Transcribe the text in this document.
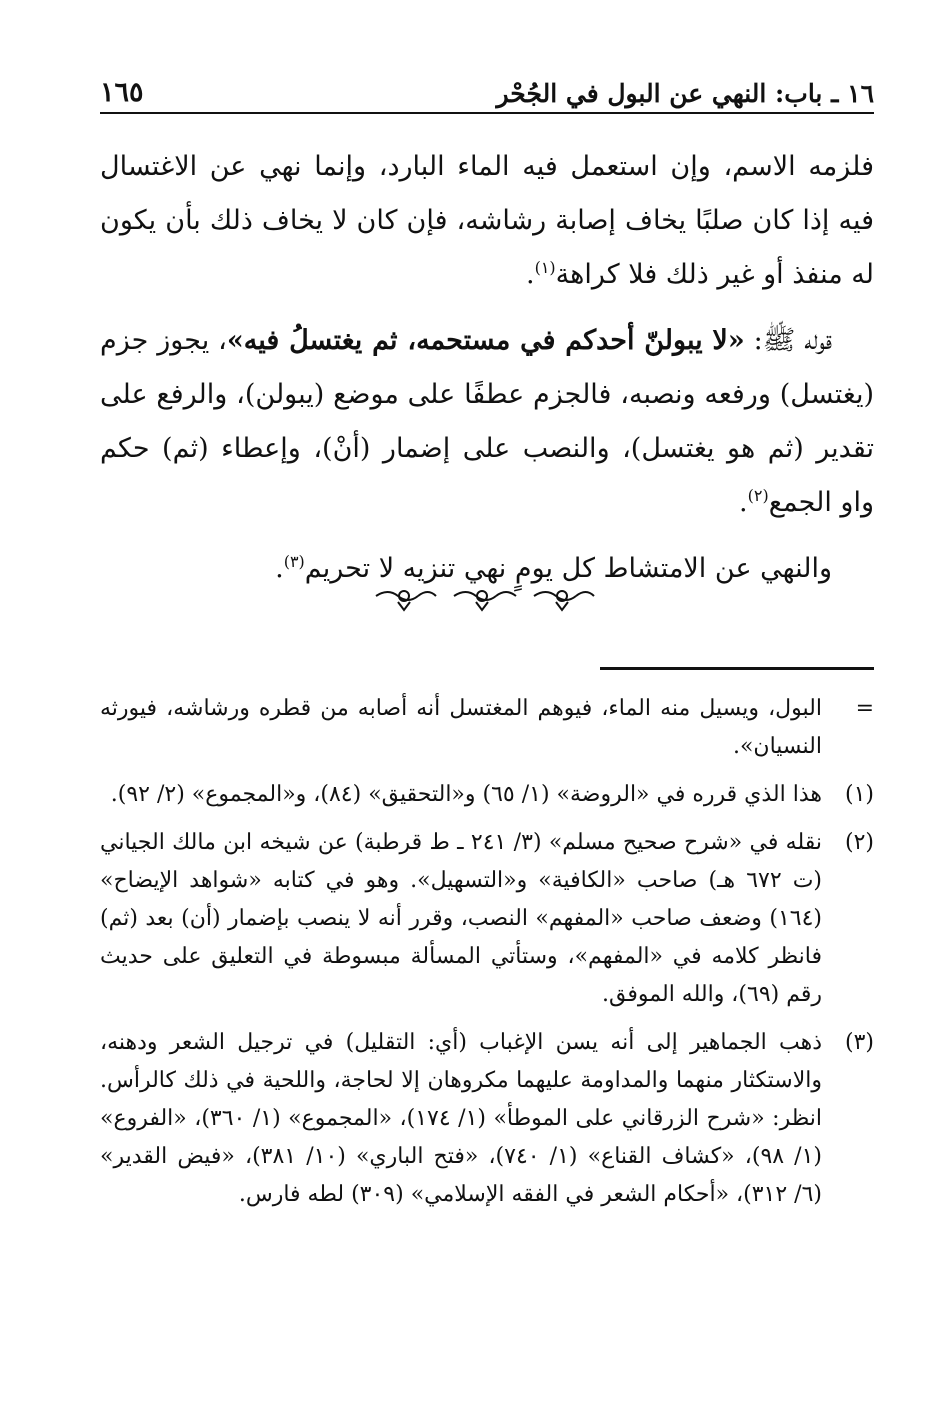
١٦ ـ باب: النهي عن البول في الجُحْر
١٦٥

فلزمه الاسم، وإن استعمل فيه الماء البارد، وإنما نهي عن الاغتسال فيه إذا كان صلبًا يخاف إصابة رشاشه، فإن كان لا يخاف ذلك بأن يكون له منفذ أو غير ذلك فلا كراهة$^{(١)}$.

قوله ﷺ: «لا يبولنّ أحدكم في مستحمه، ثم يغتسلُ فيه»، يجوز جزم (يغتسل) ورفعه ونصبه، فالجزم عطفًا على موضع (يبولن)، والرفع على تقدير (ثم هو يغتسل)، والنصب على إضمار (أنْ)، وإعطاء (ثم) حكم واو الجمع$^{(٢)}$.

والنهي عن الامتشاط كل يومٍ نهي تنزيه لا تحريم$^{(٣)}$.

=
البول، ويسيل منه الماء، فيوهم المغتسل أنه أصابه من قطره ورشاشه، فيورثه النسيان».
(١)
هذا الذي قرره في «الروضة» (١/ ٦٥) و«التحقيق» (٨٤)، و«المجموع» (٢/ ٩٢).
(٢)
نقله في «شرح صحيح مسلم» (٣/ ٢٤١ ـ ط قرطبة) عن شيخه ابن مالك الجياني (ت ٦٧٢ هـ) صاحب «الكافية» و«التسهيل». وهو في كتابه «شواهد الإيضاح» (١٦٤) وضعف صاحب «المفهم» النصب، وقرر أنه لا ينصب بإضمار (أن) بعد (ثم) فانظر كلامه في «المفهم»، وستأتي المسألة مبسوطة في التعليق على حديث رقم (٦٩)، والله الموفق.
(٣)
ذهب الجماهير إلى أنه يسن الإغباب (أي: التقليل) في ترجيل الشعر ودهنه، والاستكثار منهما والمداومة عليهما مكروهان إلا لحاجة، واللحية في ذلك كالرأس. انظر: «شرح الزرقاني على الموطأ» (١/ ١٧٤)، «المجموع» (١/ ٣٦٠)، «الفروع» (١/ ٩٨)، «كشاف القناع» (١/ ٧٤٠)، «فتح الباري» (١٠/ ٣٨١)، «فيض القدير» (٦/ ٣١٢)، «أحكام الشعر في الفقه الإسلامي» (٣٠٩) لطه فارس.
